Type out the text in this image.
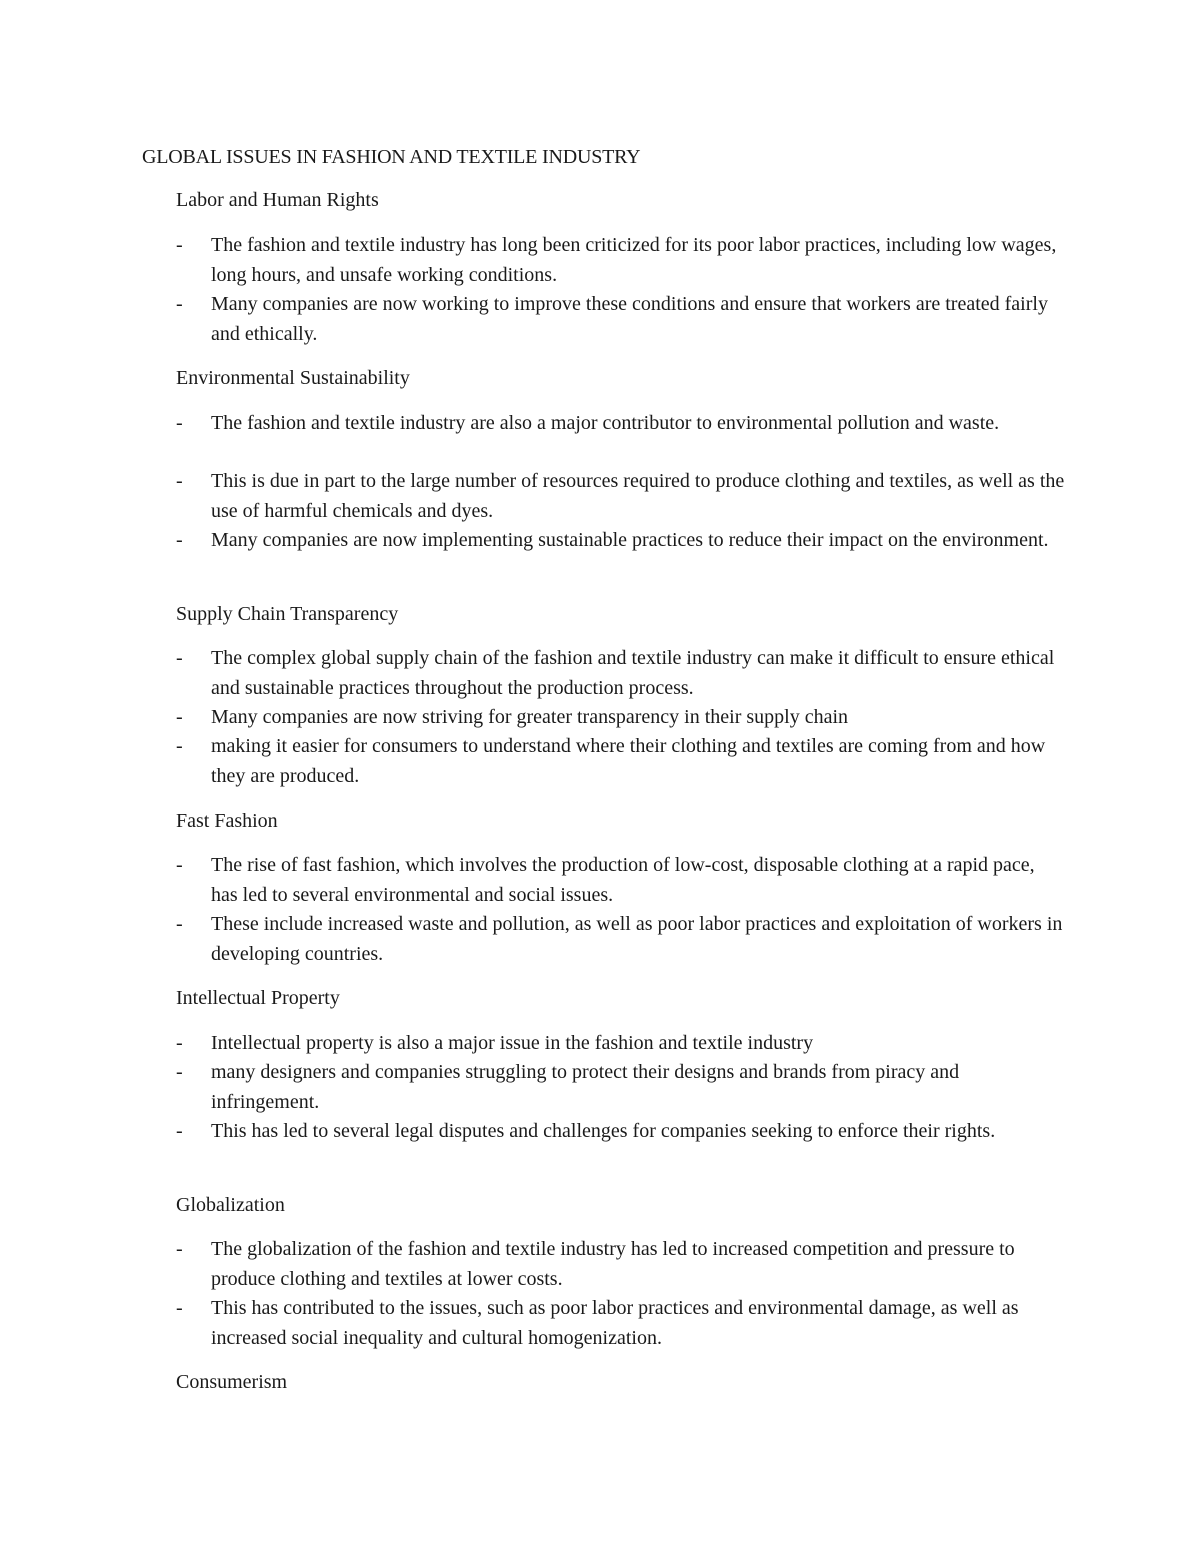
GLOBAL ISSUES IN FASHION AND TEXTILE INDUSTRY
Labor and Human Rights
- The fashion and textile industry has long been criticized for its poor labor practices, including low wages, long hours, and unsafe working conditions.
- Many companies are now working to improve these conditions and ensure that workers are treated fairly and ethically.
Environmental Sustainability
- The fashion and textile industry are also a major contributor to environmental pollution and waste.
- This is due in part to the large number of resources required to produce clothing and textiles, as well as the use of harmful chemicals and dyes.
- Many companies are now implementing sustainable practices to reduce their impact on the environment.
Supply Chain Transparency
- The complex global supply chain of the fashion and textile industry can make it difficult to ensure ethical and sustainable practices throughout the production process.
- Many companies are now striving for greater transparency in their supply chain
- making it easier for consumers to understand where their clothing and textiles are coming from and how they are produced.
Fast Fashion
- The rise of fast fashion, which involves the production of low-cost, disposable clothing at a rapid pace, has led to several environmental and social issues.
- These include increased waste and pollution, as well as poor labor practices and exploitation of workers in developing countries.
Intellectual Property
- Intellectual property is also a major issue in the fashion and textile industry
- many designers and companies struggling to protect their designs and brands from piracy and infringement.
- This has led to several legal disputes and challenges for companies seeking to enforce their rights.
Globalization
- The globalization of the fashion and textile industry has led to increased competition and pressure to produce clothing and textiles at lower costs.
- This has contributed to the issues, such as poor labor practices and environmental damage, as well as increased social inequality and cultural homogenization.
Consumerism
